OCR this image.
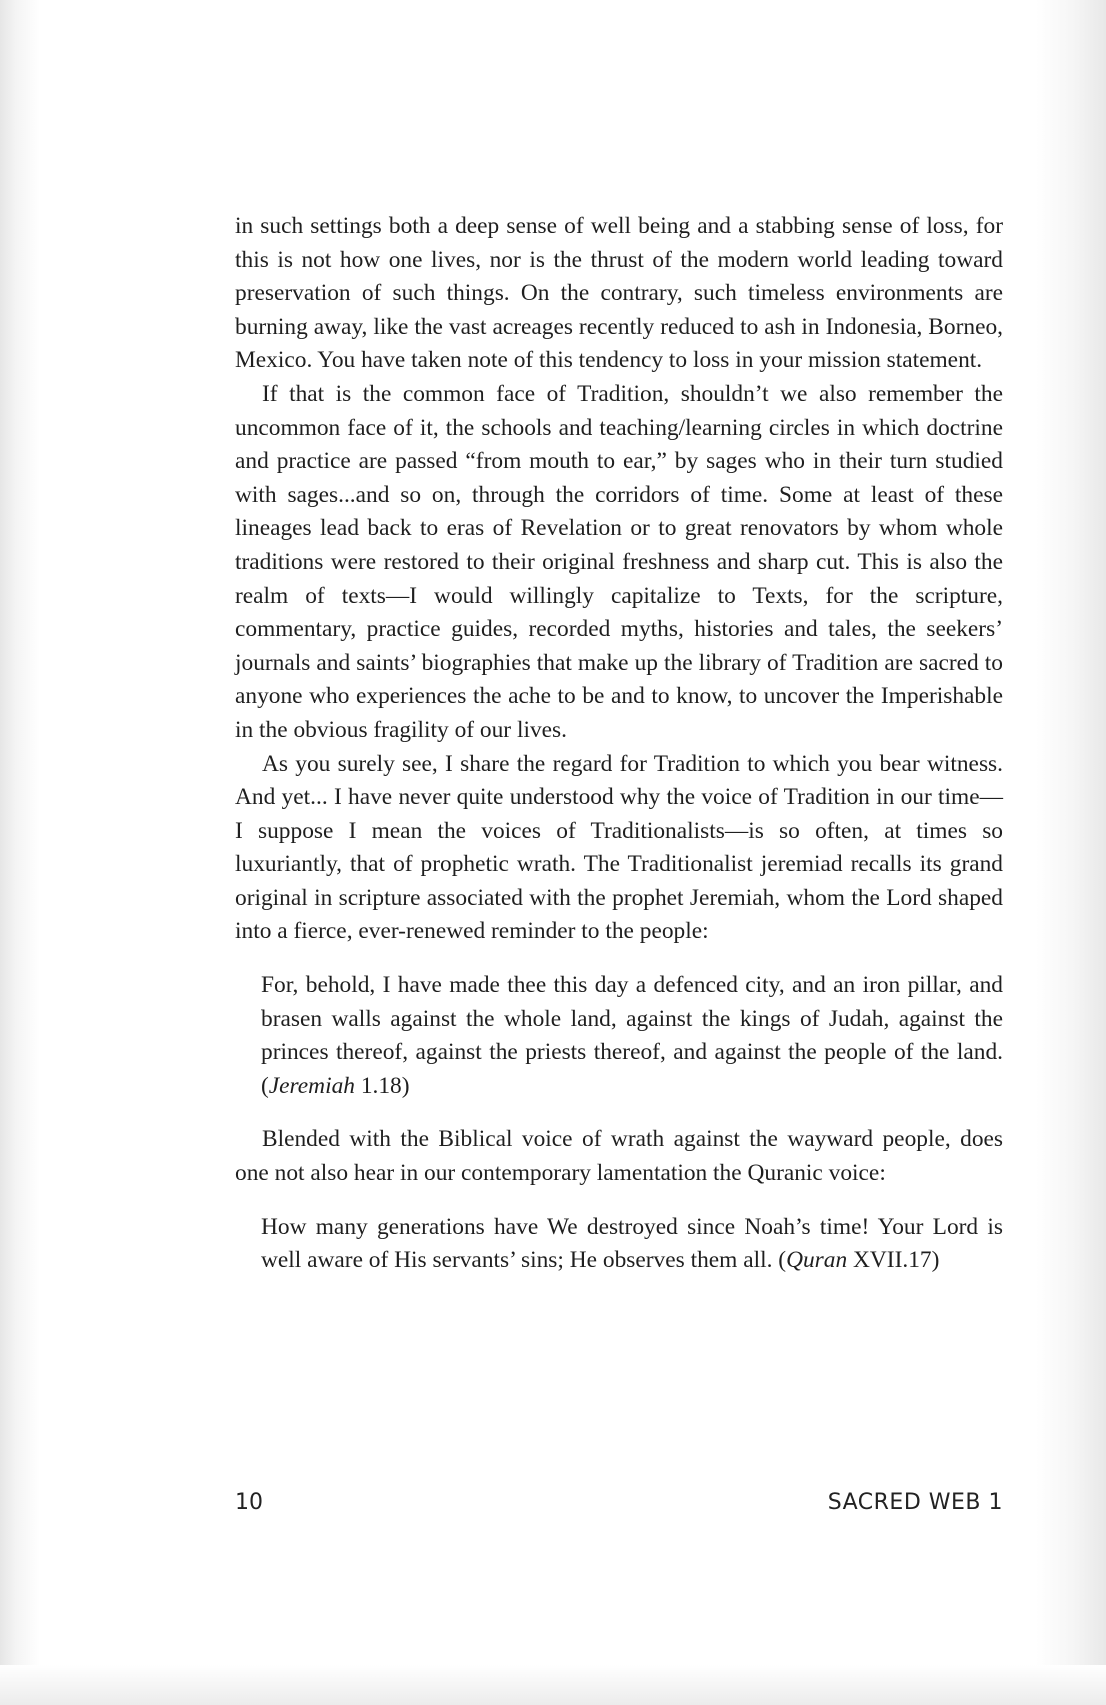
in such settings both a deep sense of well being and a stabbing sense of loss, for this is not how one lives, nor is the thrust of the modern world leading toward preservation of such things. On the contrary, such timeless environments are burning away, like the vast acreages recently reduced to ash in Indonesia, Borneo, Mexico. You have taken note of this tendency to loss in your mission statement.

If that is the common face of Tradition, shouldn’t we also remember the uncommon face of it, the schools and teaching/learning circles in which doctrine and practice are passed “from mouth to ear,” by sages who in their turn studied with sages...and so on, through the corridors of time. Some at least of these lineages lead back to eras of Revelation or to great renovators by whom whole traditions were restored to their original freshness and sharp cut. This is also the realm of texts—I would willingly capitalize to Texts, for the scripture, commentary, practice guides, recorded myths, histories and tales, the seekers’ journals and saints’ biographies that make up the library of Tradition are sacred to anyone who experiences the ache to be and to know, to uncover the Imperishable in the obvious fragility of our lives.

As you surely see, I share the regard for Tradition to which you bear witness. And yet... I have never quite understood why the voice of Tradition in our time—I suppose I mean the voices of Traditionalists—is so often, at times so luxuriantly, that of prophetic wrath. The Traditionalist jeremiad recalls its grand original in scripture associated with the prophet Jeremiah, whom the Lord shaped into a fierce, ever-renewed reminder to the people:

For, behold, I have made thee this day a defenced city, and an iron pillar, and brasen walls against the whole land, against the kings of Judah, against the princes thereof, against the priests thereof, and against the people of the land. (Jeremiah 1.18)

Blended with the Biblical voice of wrath against the wayward people, does one not also hear in our contemporary lamentation the Quranic voice:

How many generations have We destroyed since Noah’s time! Your Lord is well aware of His servants’ sins; He observes them all. (Quran XVII.17)

10	SACRED WEB 1
